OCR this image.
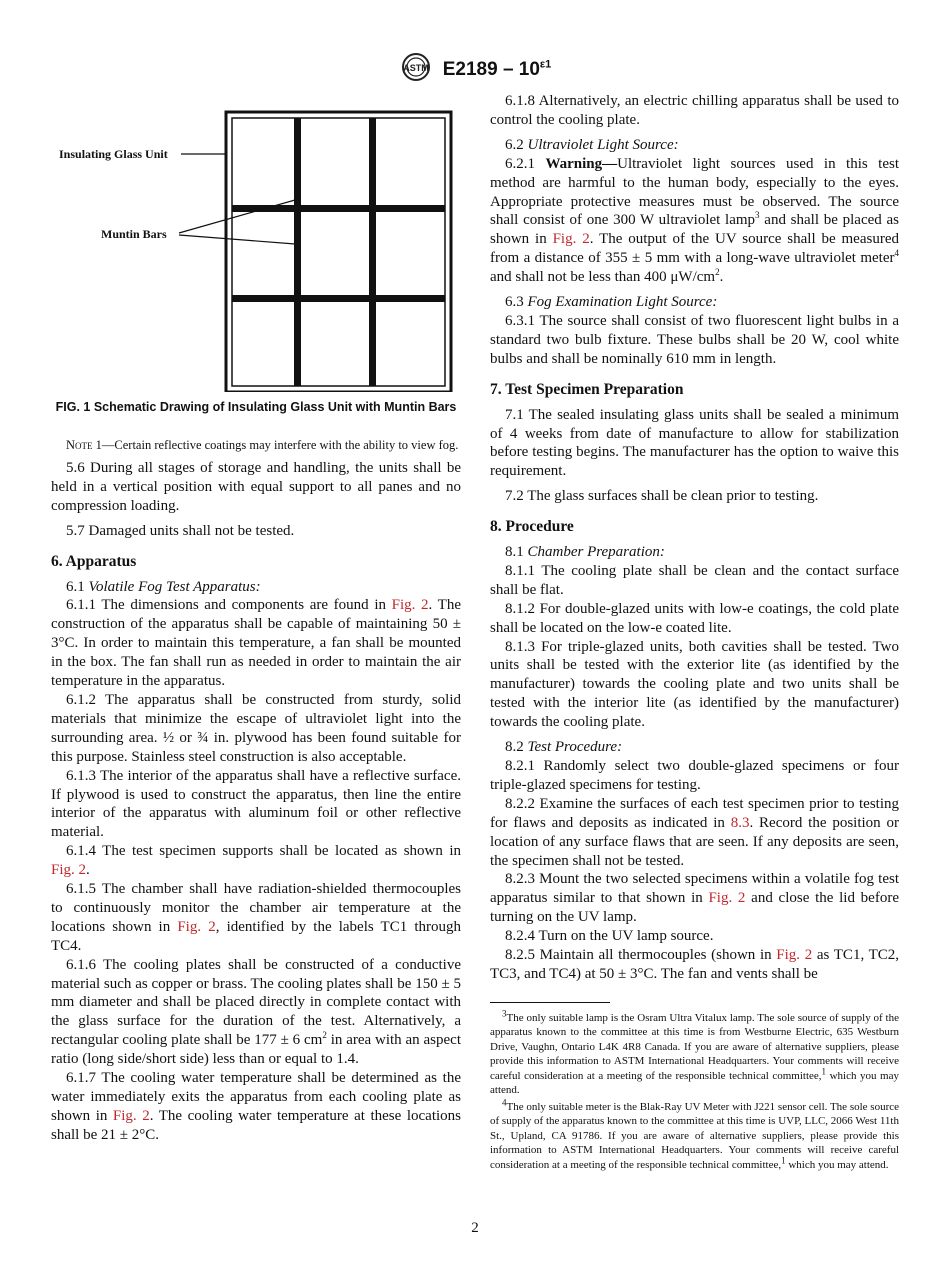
ASTM $E2189 - 10^{\varepsilon 1}$
Insulating Glass Unit
Muntin Bars
FIG. 1 Schematic Drawing of Insulating Glass Unit with Muntin Bars

Note 1—Certain reflective coatings may interfere with the ability to view fog.

5.6 During all stages of storage and handling, the units shall be held in a vertical position with equal support to all panes and no compression loading.

5.7 Damaged units shall not be tested.

6. Apparatus

6.1 Volatile Fog Test Apparatus:

6.1.1 The dimensions and components are found in Fig. 2. The construction of the apparatus shall be capable of maintaining 50 ± 3°C. In order to maintain this temperature, a fan shall be mounted in the box. The fan shall run as needed in order to maintain the air temperature in the apparatus.

6.1.2 The apparatus shall be constructed from sturdy, solid materials that minimize the escape of ultraviolet light into the surrounding area. ½ or ¾ in. plywood has been found suitable for this purpose. Stainless steel construction is also acceptable.

6.1.3 The interior of the apparatus shall have a reflective surface. If plywood is used to construct the apparatus, then line the entire interior of the apparatus with aluminum foil or other reflective material.

6.1.4 The test specimen supports shall be located as shown in Fig. 2.

6.1.5 The chamber shall have radiation-shielded thermocouples to continuously monitor the chamber air temperature at the locations shown in Fig. 2, identified by the labels TC1 through TC4.

6.1.6 The cooling plates shall be constructed of a conductive material such as copper or brass. The cooling plates shall be 150 ± 5 mm diameter and shall be placed directly in complete contact with the glass surface for the duration of the test. Alternatively, a rectangular cooling plate shall be 177 ± 6 $cm^2$ in area with an aspect ratio (long side/short side) less than or equal to 1.4.

6.1.7 The cooling water temperature shall be determined as the water immediately exits the apparatus from each cooling plate as shown in Fig. 2. The cooling water temperature at these locations shall be 21 ± 2°C.

6.1.8 Alternatively, an electric chilling apparatus shall be used to control the cooling plate.

6.2 Ultraviolet Light Source:

6.2.1 Warning—Ultraviolet light sources used in this test method are harmful to the human body, especially to the eyes. Appropriate protective measures must be observed. The source shall consist of one 300 W ultraviolet lamp$^3$ and shall be placed as shown in Fig. 2. The output of the UV source shall be measured from a distance of 355 ± 5 mm with a long-wave ultraviolet meter$^4$ and shall not be less than 400 $\mu W/cm^2$.

6.3 Fog Examination Light Source:

6.3.1 The source shall consist of two fluorescent light bulbs in a standard two bulb fixture. These bulbs shall be 20 W, cool white bulbs and shall be nominally 610 mm in length.

7. Test Specimen Preparation

7.1 The sealed insulating glass units shall be sealed a minimum of 4 weeks from date of manufacture to allow for stabilization before testing begins. The manufacturer has the option to waive this requirement.

7.2 The glass surfaces shall be clean prior to testing.

8. Procedure

8.1 Chamber Preparation:

8.1.1 The cooling plate shall be clean and the contact surface shall be flat.

8.1.2 For double-glazed units with low-e coatings, the cold plate shall be located on the low-e coated lite.

8.1.3 For triple-glazed units, both cavities shall be tested. Two units shall be tested with the exterior lite (as identified by the manufacturer) towards the cooling plate and two units shall be tested with the interior lite (as identified by the manufacturer) towards the cooling plate.

8.2 Test Procedure:

8.2.1 Randomly select two double-glazed specimens or four triple-glazed specimens for testing.

8.2.2 Examine the surfaces of each test specimen prior to testing for flaws and deposits as indicated in 8.3. Record the position or location of any surface flaws that are seen. If any deposits are seen, the specimen shall not be tested.

8.2.3 Mount the two selected specimens within a volatile fog test apparatus similar to that shown in Fig. 2 and close the lid before turning on the UV lamp.

8.2.4 Turn on the UV lamp source.

8.2.5 Maintain all thermocouples (shown in Fig. 2 as TC1, TC2, TC3, and TC4) at 50 ± 3°C. The fan and vents shall be

$^3$The only suitable lamp is the Osram Ultra Vitalux lamp. The sole source of supply of the apparatus known to the committee at this time is from Westburne Electric, 635 Westburn Drive, Vaughn, Ontario L4K 4R8 Canada. If you are aware of alternative suppliers, please provide this information to ASTM International Headquarters. Your comments will receive careful consideration at a meeting of the responsible technical committee,$^1$ which you may attend.

$^4$The only suitable meter is the Blak-Ray UV Meter with J221 sensor cell. The sole source of supply of the apparatus known to the committee at this time is UVP, LLC, 2066 West 11th St., Upland, CA 91786. If you are aware of alternative suppliers, please provide this information to ASTM International Headquarters. Your comments will receive careful consideration at a meeting of the responsible technical committee,$^1$ which you may attend.

2
